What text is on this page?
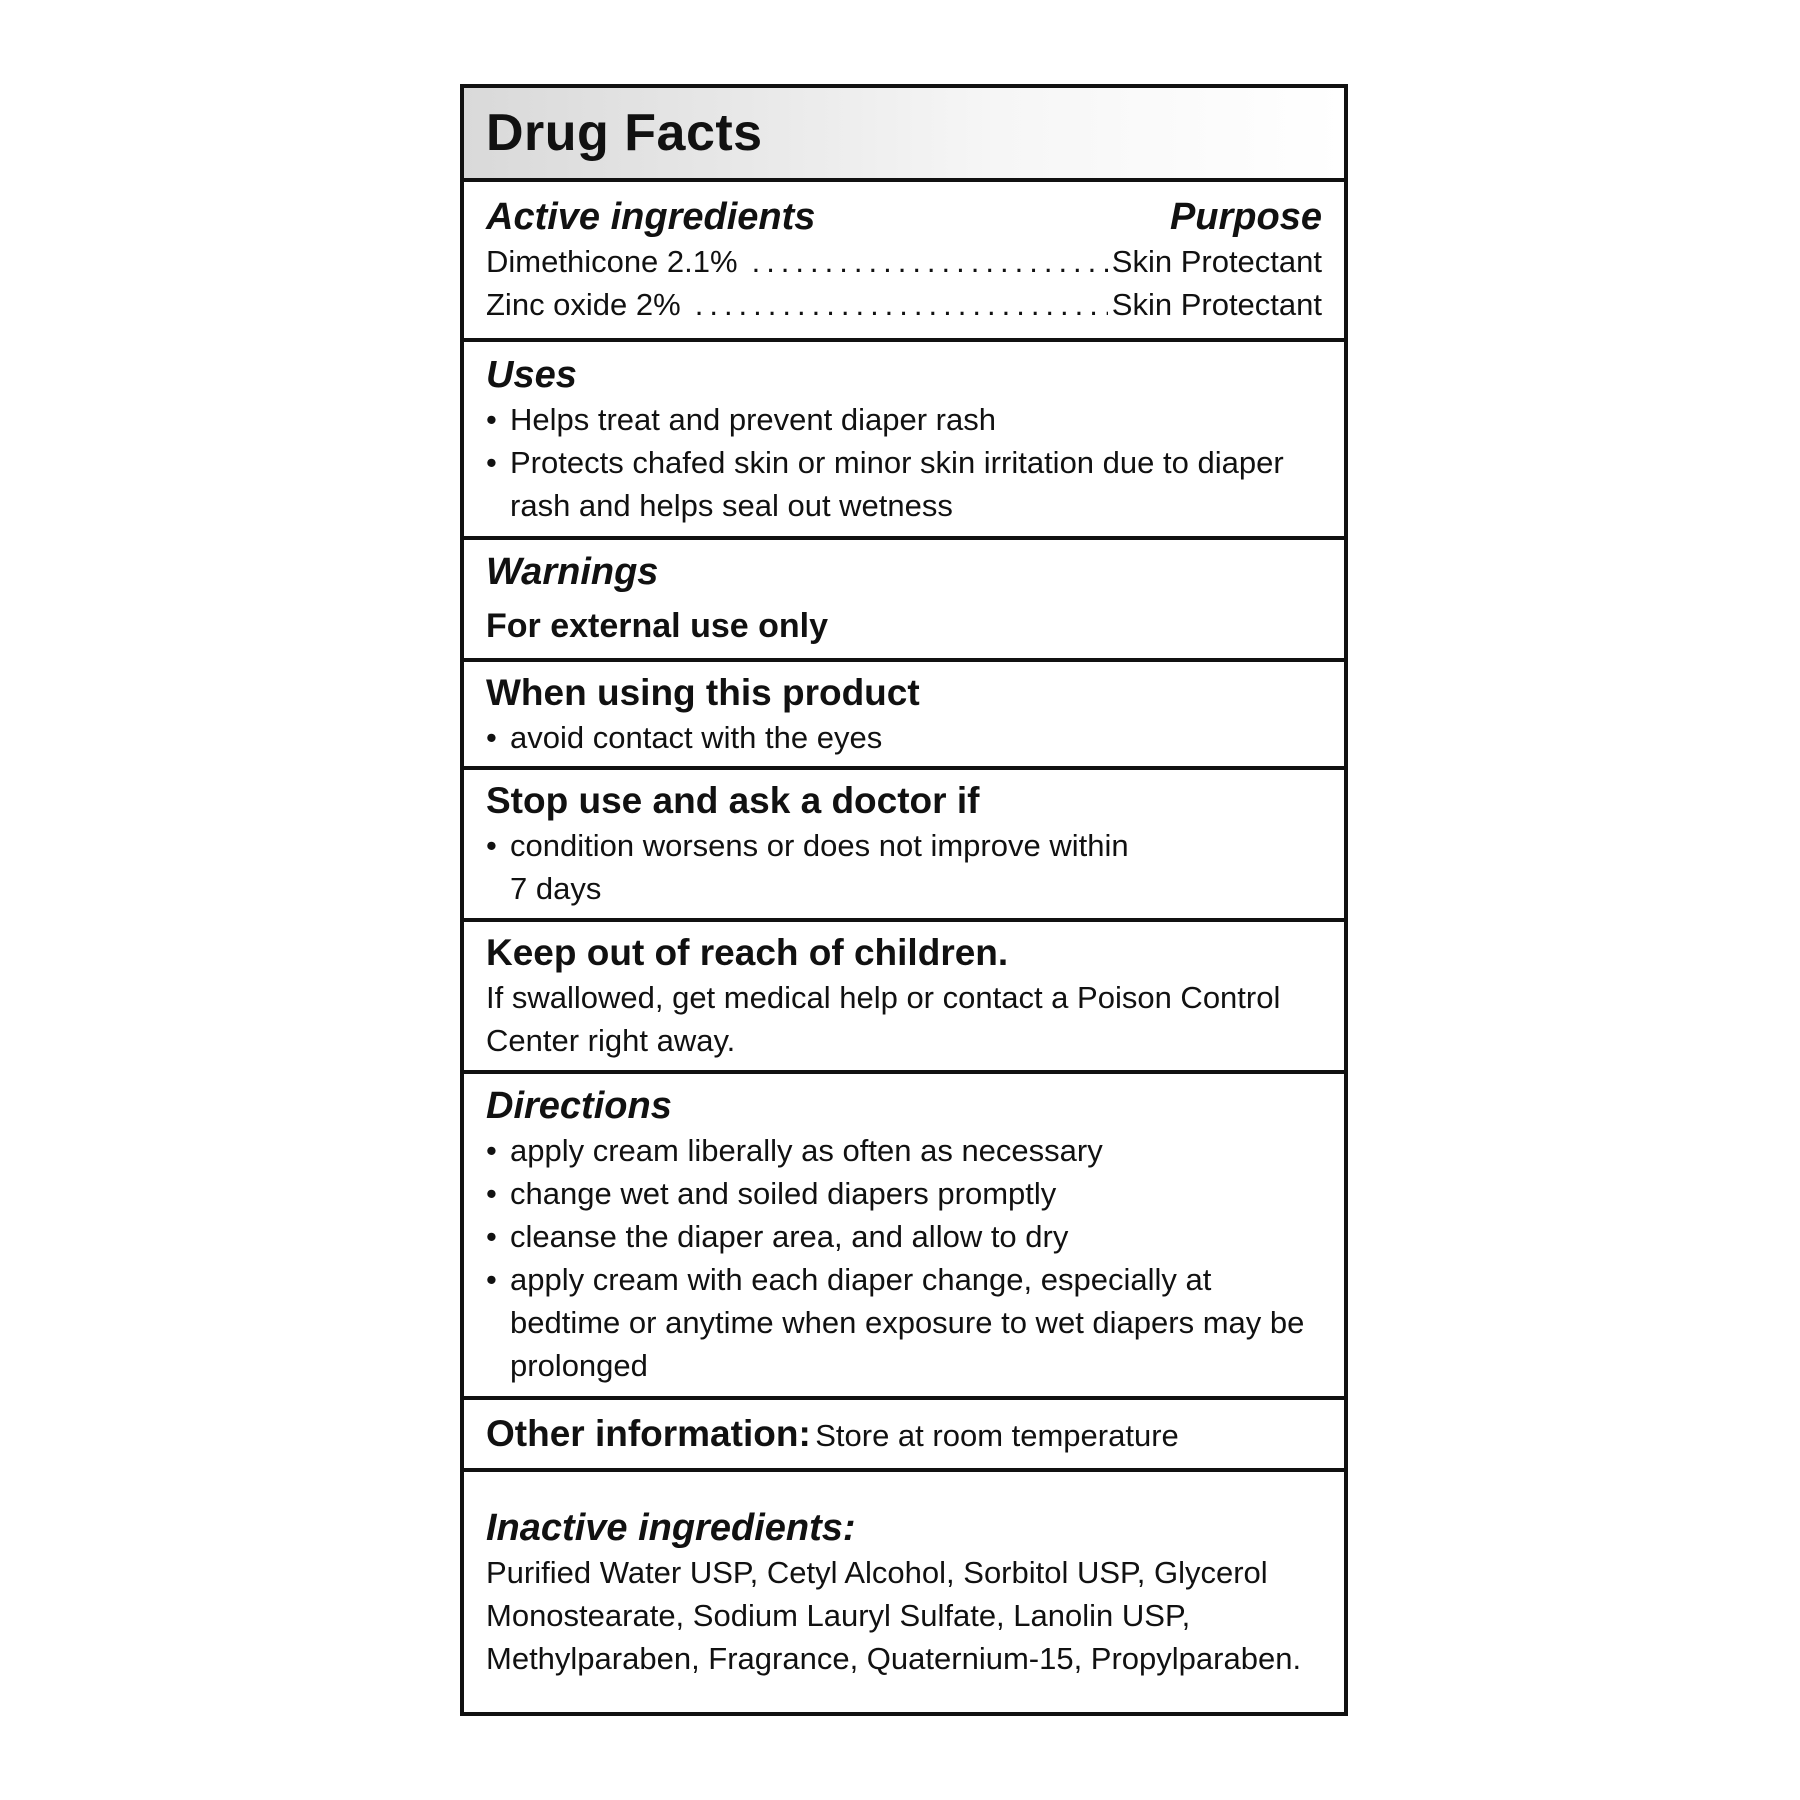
Drug Facts
Active ingredients	Purpose
Dimethicone 2.1% .....	Skin Protectant
Zinc oxide 2% .....	Skin Protectant
Uses
• Helps treat and prevent diaper rash
• Protects chafed skin or minor skin irritation due to diaper rash and helps seal out wetness
Warnings
For external use only
When using this product
• avoid contact with the eyes
Stop use and ask a doctor if
• condition worsens or does not improve within 7 days
Keep out of reach of children.
If swallowed, get medical help or contact a Poison Control Center right away.
Directions
• apply cream liberally as often as necessary
• change wet and soiled diapers promptly
• cleanse the diaper area, and allow to dry
• apply cream with each diaper change, especially at bedtime or anytime when exposure to wet diapers may be prolonged
Other information: Store at room temperature
Inactive ingredients:
Purified Water USP, Cetyl Alcohol, Sorbitol USP, Glycerol Monostearate, Sodium Lauryl Sulfate, Lanolin USP, Methylparaben, Fragrance, Quaternium-15, Propylparaben.
